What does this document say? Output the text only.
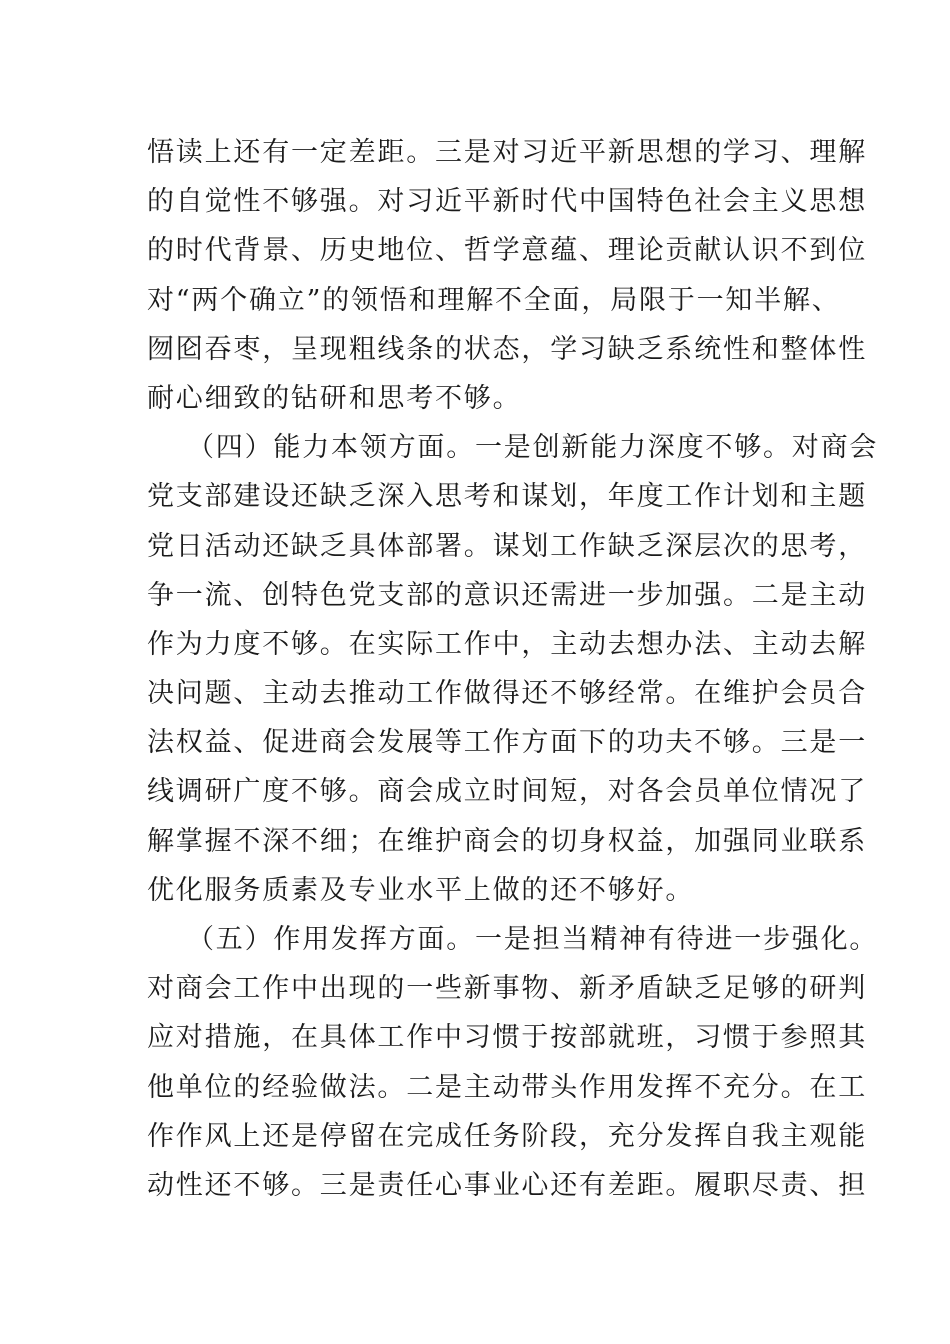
悟读上还有一定差距。三是对习近平新思想的学习、理解
的自觉性不够强。对习近平新时代中国特色社会主义思想
的时代背景、历史地位、哲学意蕴、理论贡献认识不到位
对“两个确立”的领悟和理解不全面，局限于一知半解、
囫囵吞枣，呈现粗线条的状态，学习缺乏系统性和整体性
耐心细致的钻研和思考不够。
（四）能力本领方面。一是创新能力深度不够。对商会
党支部建设还缺乏深入思考和谋划，年度工作计划和主题
党日活动还缺乏具体部署。谋划工作缺乏深层次的思考，
争一流、创特色党支部的意识还需进一步加强。二是主动
作为力度不够。在实际工作中，主动去想办法、主动去解
决问题、主动去推动工作做得还不够经常。在维护会员合
法权益、促进商会发展等工作方面下的功夫不够。三是一
线调研广度不够。商会成立时间短，对各会员单位情况了
解掌握不深不细；在维护商会的切身权益，加强同业联系
优化服务质素及专业水平上做的还不够好。
（五）作用发挥方面。一是担当精神有待进一步强化。
对商会工作中出现的一些新事物、新矛盾缺乏足够的研判
应对措施，在具体工作中习惯于按部就班，习惯于参照其
他单位的经验做法。二是主动带头作用发挥不充分。在工
作作风上还是停留在完成任务阶段，充分发挥自我主观能
动性还不够。三是责任心事业心还有差距。履职尽责、担
